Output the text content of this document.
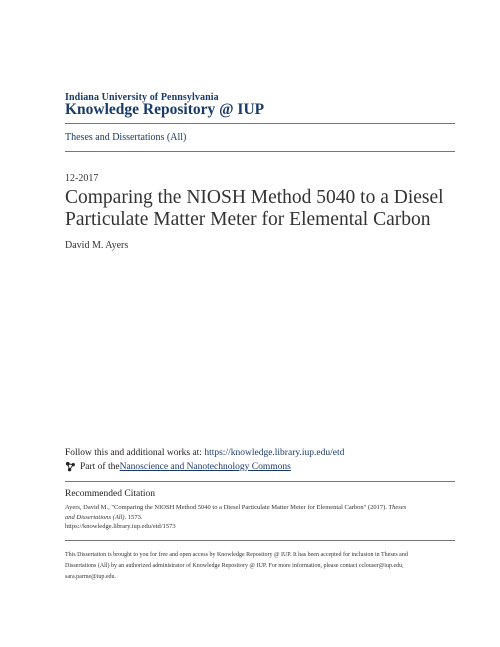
Indiana University of Pennsylvania
Knowledge Repository @ IUP
Theses and Dissertations (All)
12-2017
Comparing the NIOSH Method 5040 to a Diesel
Particulate Matter Meter for Elemental Carbon
David M. Ayers
Follow this and additional works at: https://knowledge.library.iup.edu/etd
Part of the Nanoscience and Nanotechnology Commons
Recommended Citation
Ayers, David M., "Comparing the NIOSH Method 5040 to a Diesel Particulate Matter Meter for Elemental Carbon" (2017). Theses
and Dissertations (All). 1573.
https://knowledge.library.iup.edu/etd/1573
This Dissertation is brought to you for free and open access by Knowledge Repository @ IUP. It has been accepted for inclusion in Theses and
Dissertations (All) by an authorized administrator of Knowledge Repository @ IUP. For more information, please contact cclouser@iup.edu,
sara.parme@iup.edu.
